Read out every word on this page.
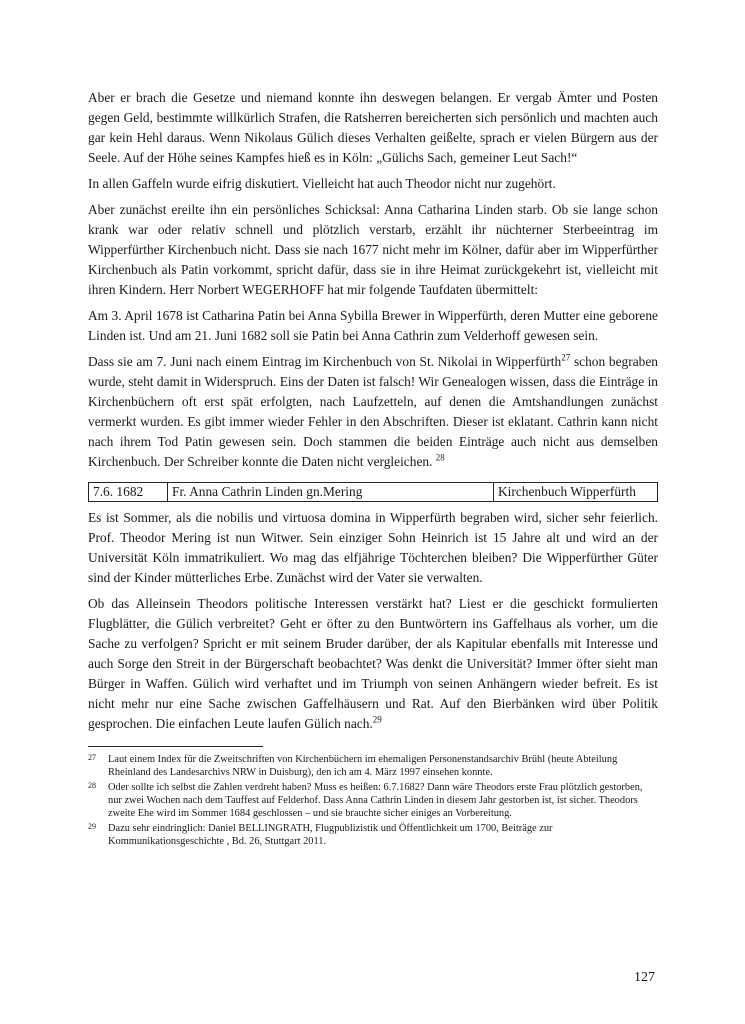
Aber er brach die Gesetze und niemand konnte ihn deswegen belangen. Er vergab Ämter und Posten gegen Geld, bestimmte willkürlich Strafen, die Ratsherren bereicherten sich persönlich und machten auch gar kein Hehl daraus. Wenn Nikolaus Gülich dieses Verhalten geißelte, sprach er vielen Bürgern aus der Seele. Auf der Höhe seines Kampfes hieß es in Köln: „Gülichs Sach, gemeiner Leut Sach!“

In allen Gaffeln wurde eifrig diskutiert. Vielleicht hat auch Theodor nicht nur zugehört.

Aber zunächst ereilte ihn ein persönliches Schicksal: Anna Catharina Linden starb. Ob sie lange schon krank war oder relativ schnell und plötzlich verstarb, erzählt ihr nüchterner Sterbeeintrag im Wipperfürther Kirchenbuch nicht. Dass sie nach 1677 nicht mehr im Kölner, dafür aber im Wipperfürther Kirchenbuch als Patin vorkommt, spricht dafür, dass sie in ihre Heimat zurückgekehrt ist, vielleicht mit ihren Kindern. Herr Norbert WEGERHOFF hat mir folgende Taufdaten übermittelt:

Am 3. April 1678 ist Catharina Patin bei Anna Sybilla Brewer in Wipperfürth, deren Mutter eine geborene Linden ist. Und am 21. Juni 1682 soll sie Patin bei Anna Cathrin zum Velderhoff gewesen sein.

Dass sie am 7. Juni nach einem Eintrag im Kirchenbuch von St. Nikolai in Wipperfürth$^{27}$ schon begraben wurde, steht damit in Widerspruch. Eins der Daten ist falsch! Wir Genealogen wissen, dass die Einträge in Kirchenbüchern oft erst spät erfolgten, nach Laufzetteln, auf denen die Amtshandlungen zunächst vermerkt wurden. Es gibt immer wieder Fehler in den Abschriften. Dieser ist eklatant. Cathrin kann nicht nach ihrem Tod Patin gewesen sein. Doch stammen die beiden Einträge auch nicht aus demselben Kirchenbuch. Der Schreiber konnte die Daten nicht vergleichen. $^{28}$

7.6. 1682	Fr. Anna Cathrin Linden gn.Mering	Kirchenbuch Wipperfürth

Es ist Sommer, als die nobilis und virtuosa domina in Wipperfürth begraben wird, sicher sehr feierlich. Prof. Theodor Mering ist nun Witwer. Sein einziger Sohn Heinrich ist 15 Jahre alt und wird an der Universität Köln immatrikuliert. Wo mag das elfjährige Töchterchen bleiben? Die Wipperfürther Güter sind der Kinder mütterliches Erbe. Zunächst wird der Vater sie verwalten.

Ob das Alleinsein Theodors politische Interessen verstärkt hat? Liest er die geschickt formulierten Flugblätter, die Gülich verbreitet? Geht er öfter zu den Buntwörtern ins Gaffelhaus als vorher, um die Sache zu verfolgen? Spricht er mit seinem Bruder darüber, der als Kapitular ebenfalls mit Interesse und auch Sorge den Streit in der Bürgerschaft beobachtet? Was denkt die Universität? Immer öfter sieht man Bürger in Waffen. Gülich wird verhaftet und im Triumph von seinen Anhängern wieder befreit. Es ist nicht mehr nur eine Sache zwischen Gaffelhäusern und Rat. Auf den Bierbänken wird über Politik gesprochen. Die einfachen Leute laufen Gülich nach.$^{29}$

27	Laut einem Index für die Zweitschriften von Kirchenbüchern im ehemaligen Personenstandsarchiv Brühl (heute Abteilung Rheinland des Landesarchivs NRW in Duisburg), den ich am 4. März 1997 einsehen konnte.
28	Oder sollte ich selbst die Zahlen verdreht haben? Muss es heißen: 6.7.1682? Dann wäre Theodors erste Frau plötzlich gestorben, nur zwei Wochen nach dem Tauffest auf Felderhof. Dass Anna Cathrin Linden in diesem Jahr gestorben ist, ist sicher. Theodors zweite Ehe wird im Sommer 1684 geschlossen – und sie brauchte sicher einiges an Vorbereitung.
29	Dazu sehr eindringlich: Daniel BELLINGRATH, Flugpublizistik und Öffentlichkeit um 1700, Beiträge zur Kommunikationsgeschichte , Bd. 26, Stuttgart 2011.
127
